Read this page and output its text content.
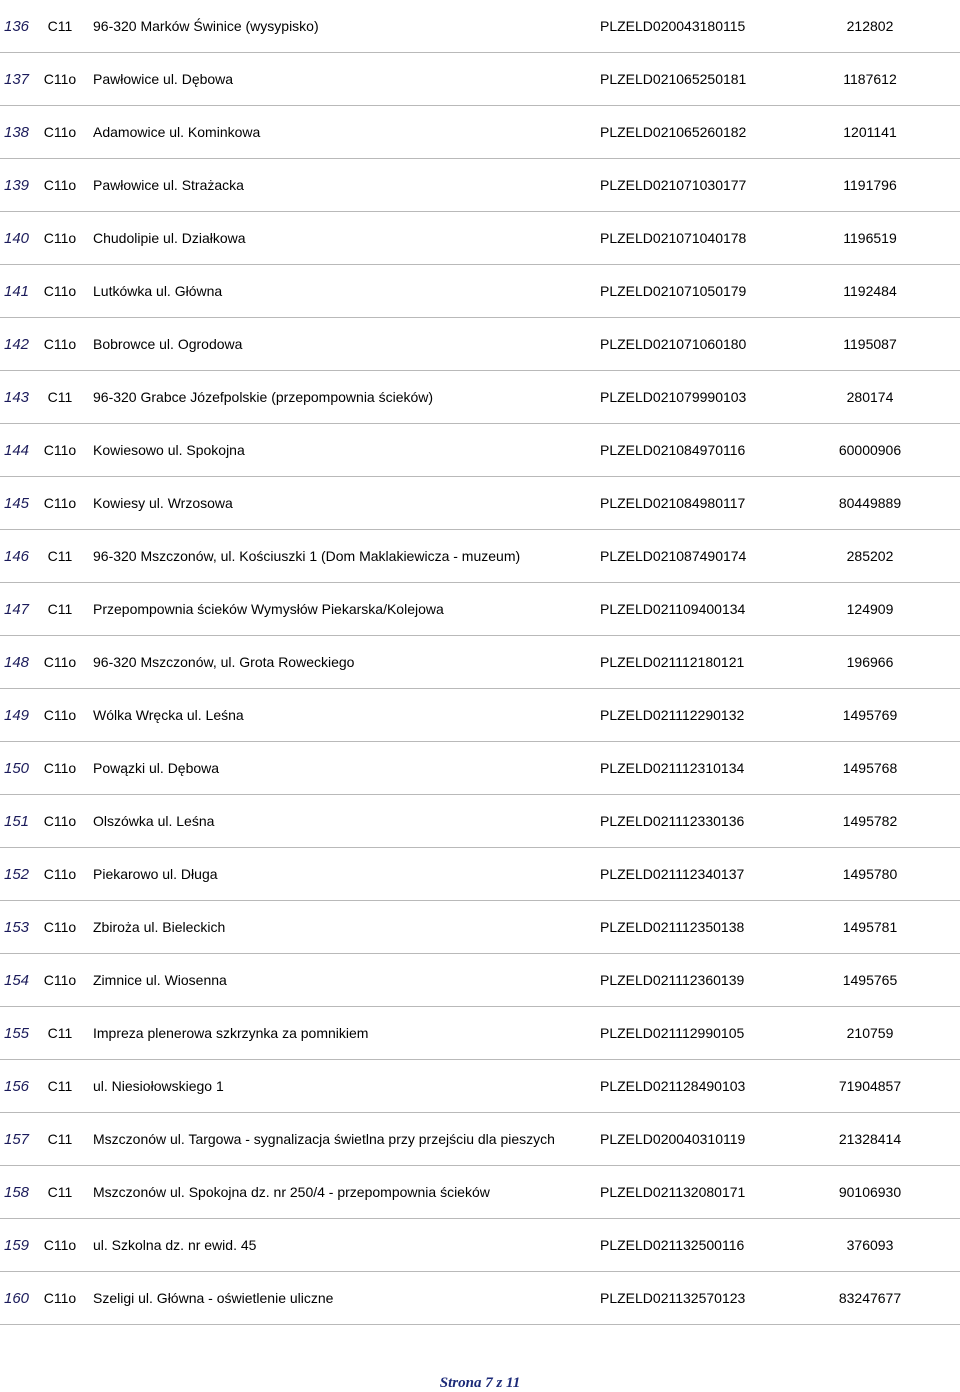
136	C11	96-320 Marków Świnice (wysypisko)	PLZELD020043180115	212802
137 C11o Pawłowice ul. Dębowa	PLZELD021065250181	1187612
138 C11o Adamowice ul. Kominkowa	PLZELD021065260182	1201141
139 C11o Pawłowice ul. Strażacka	PLZELD021071030177	1191796
140 C11o Chudolipie ul. Działkowa	PLZELD021071040178	1196519
141 C11o Lutkówka ul. Główna	PLZELD021071050179	1192484
142 C11o Bobrowce ul. Ogrodowa	PLZELD021071060180	1195087
143	C11	96-320 Grabce Józefpolskie (przepompownia ścieków)	PLZELD021079990103	280174
144 C11o Kowiesowo ul. Spokojna	PLZELD021084970116	60000906
145 C11o Kowiesy ul. Wrzosowa	PLZELD021084980117	80449889
146	C11	96-320 Mszczonów, ul. Kościuszki 1 (Dom Maklakiewicza - muzeum)	PLZELD021087490174	285202
147	C11	Przepompownia ścieków Wymysłów Piekarska/Kolejowa	PLZELD021109400134	124909
148 C11o 96-320 Mszczonów, ul. Grota Roweckiego	PLZELD021112180121	196966
149 C11o Wólka Wręcka ul. Leśna	PLZELD021112290132	1495769
150 C11o Powązki ul. Dębowa	PLZELD021112310134	1495768
151 C11o Olszówka ul. Leśna	PLZELD021112330136	1495782
152 C11o Piekarowo ul. Długa	PLZELD021112340137	1495780
153 C11o Zbiroża ul. Bieleckich	PLZELD021112350138	1495781
154 C11o Zimnice ul. Wiosenna	PLZELD021112360139	1495765
155	C11	Impreza plenerowa szkrzynka za pomnikiem	PLZELD021112990105	210759
156	C11	ul. Niesiołowskiego 1	PLZELD021128490103	71904857
157	C11	Mszczonów ul. Targowa - sygnalizacja świetlna przy przejściu dla pieszych	PLZELD020040310119	21328414
158	C11	Mszczonów ul. Spokojna dz. nr 250/4 - przepompownia ścieków	PLZELD021132080171	90106930
159 C11o ul. Szkolna dz. nr ewid. 45	PLZELD021132500116	376093
160 C11o Szeligi ul. Główna - oświetlenie uliczne	PLZELD021132570123	83247677
Strona 7 z 11
